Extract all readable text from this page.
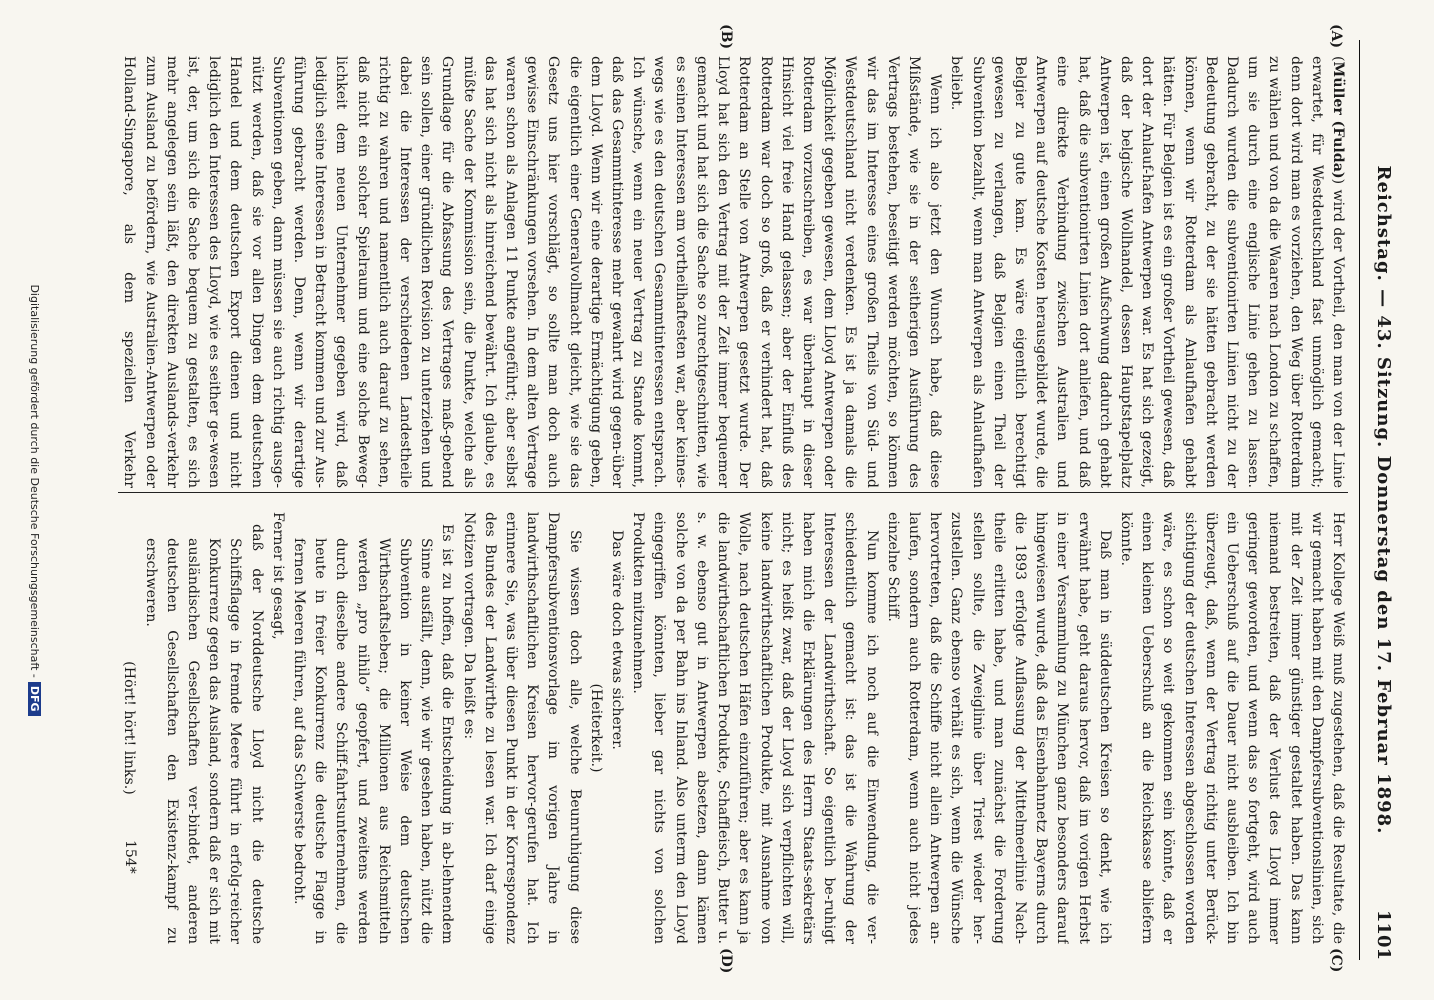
Reichstag. — 43. Sitzung. Donnerstag den 17. Februar 1898.
1101
(A)
(B)
(C)
(D)

(Müller (Fulda)) wird der Vortheil, den man von der Linie erwartet, für Westdeutschland fast unmöglich gemacht; denn dort wird man es vorziehen, den Weg über Rotterdam zu wählen und von da die Waaren nach London zu schaffen, um sie durch eine englische Linie gehen zu lassen. Dadurch wurden die subventionirten Linien nicht zu der Bedeutung gebracht, zu der sie hätten gebracht werden können, wenn wir Rotterdam als Anlaufhafen gehabt hätten. Für Belgien ist es ein großer Vortheil gewesen, daß dort der Anlauf-hafen Antwerpen war. Es hat sich gezeigt, daß der belgische Wollhandel, dessen Hauptstapelplatz Antwerpen ist, einen großen Aufschwung dadurch gehabt hat, daß die subventionirten Linien dort anliefen, und daß eine direkte Verbindung zwischen Australien und Antwerpen auf deutsche Kosten herausgebildet wurde, die Belgier zu gute kam. Es wäre eigentlich berechtigt gewesen zu verlangen, daß Belgien einen Theil der Subvention bezahlt, wenn man Antwerpen als Anlaufhafen beliebt.

Wenn ich also jetzt den Wunsch habe, daß diese Mißstände, wie sie in der seitherigen Ausführung des Vertrags bestehen, beseitigt werden möchten, so können wir das im Interesse eines großen Theils von Süd- und Westdeutschland nicht verdenken. Es ist ja damals die Möglichkeit gegeben gewesen, dem Lloyd Antwerpen oder Rotterdam vorzuschreiben, es war überhaupt in dieser Hinsicht viel freie Hand gelassen; aber der Einfluß des Rotterdam war doch so groß, daß er verhindert hat, daß Rotterdam an Stelle von Antwerpen gesetzt wurde. Der Lloyd hat sich den Vertrag mit der Zeit immer bequemer gemacht und hat sich die Sache so zurechtgeschnitten, wie es seinen Interessen am vortheilhaftesten war, aber keines-wegs wie es den deutschen Gesammtinteressen entsprach. Ich wünsche, wenn ein neuer Vertrag zu Stande kommt, daß das Gesammtinteresse mehr gewahrt wird gegen-über dem Lloyd. Wenn wir eine derartige Ermächtigung geben, die eigentlich einer Generalvollmacht gleicht, wie sie das Gesetz uns hier vorschlägt, so sollte man doch auch gewisse Einschränkungen vorsehen. In dem alten Vertrage waren schon als Anlagen 11 Punkte angeführt; aber selbst das hat sich nicht als hinreichend bewährt. Ich glaube, es müßte Sache der Kommission sein, die Punkte, welche als Grundlage für die Abfassung des Vertrages maß-gebend sein sollen, einer gründlichen Revision zu unterziehen und dabei die Interessen der verschiedenen Landestheile richtig zu wahren und namentlich auch darauf zu sehen, daß nicht ein solcher Spielraum und eine solche Beweg-lichkeit dem neuen Unternehmer gegeben wird, daß lediglich seine Interessen in Betracht kommen und zur Aus-führung gebracht werden. Denn, wenn wir derartige Subventionen geben, dann müssen sie auch richtig ausge-nützt werden, daß sie vor allen Dingen dem deutschen Handel und dem deutschen Export dienen und nicht lediglich den Interessen des Lloyd, wie es seither ge-wesen ist, der, um sich die Sache bequem zu gestalten, es sich mehr angelegen sein läßt, den direkten Auslands-verkehr zum Ausland zu befördern, wie Australien-Antwerpen oder Holland-Singapore, als dem speziellen Verkehr

Herr Kollege Weiß muß zugestehen, daß die Resultate, die wir gemacht haben mit den Dampfersubventionslinien, sich mit der Zeit immer günstiger gestaltet haben. Das kann niemand bestreiten, daß der Verlust des Lloyd immer geringer geworden, und wenn das so fortgeht, wird auch ein Ueberschuß auf die Dauer nicht ausbleiben. Ich bin überzeugt, daß, wenn der Vertrag richtig unter Berück-sichtigung der deutschen Interessen abgeschlossen worden wäre, es schon so weit gekommen sein könnte, daß er einen kleinen Ueberschuß an die Reichskasse abliefern könnte.

Daß man in süddeutschen Kreisen so denkt, wie ich erwähnt habe, geht daraus hervor, daß im vorigen Herbst in einer Versammlung zu München ganz besonders darauf hingewiesen wurde, daß das Eisenbahnnetz Bayerns durch die 1893 erfolgte Auflassung der Mittelmeerlinie Nach-theile erlitten habe, und man zunächst die Forderung stellen sollte, die Zweiglinie über Triest wieder her-zustellen. Ganz ebenso verhält es sich, wenn die Wünsche hervortreten, daß die Schiffe nicht allein Antwerpen an-laufen, sondern auch Rotterdam, wenn auch nicht jedes einzelne Schiff.

Nun komme ich noch auf die Einwendung, die ver-schiedentlich gemacht ist: das ist die Wahrung der Interessen der Landwirthschaft. So eigentlich be-ruhigt haben mich die Erklärungen des Herrn Staats-sekretärs nicht; es heißt zwar, daß der Lloyd sich verpflichten will, keine landwirthschaftlichen Produkte, mit Ausnahme von Wolle, nach deutschen Häfen einzuführen; aber es kann ja die landwirthschaftlichen Produkte, Schaffleisch, Butter u. s. w. ebenso gut in Antwerpen absetzen, dann kämen solche von da per Bahn ins Inland. Also unterm den Lloyd eingegriffen könnten, lieber gar nichts von solchen Produkten mitzunehmen.

Das wäre doch etwas sicherer.

(Heiterkeit.)

Sie wissen doch alle, welche Beunruhigung diese Dampfersubventionsvorlage im vorigen Jahre in landwirthschaftlichen Kreisen hervor-gerufen hat. Ich erinnere Sie, was über diesen Punkt in der Korrespondenz des Bundes der Landwirthe zu lesen war. Ich darf einige Notizen vortragen. Da heißt es:

Es ist zu hoffen, daß die Entscheidung in ab-lehnendem Sinne ausfällt, denn, wie wir gesehen haben, nützt die Subvention in keiner Weise dem deutschen Wirthschaftsleben; die Millionen aus Reichsmitteln werden „pro nihilo“ geopfert, und zweitens werden durch dieselbe andere Schiff-fahrtsunternehmen, die heute in freier Konkurrenz die deutsche Flagge in fernen Meeren führen, auf das Schwerste bedroht.

Ferner ist gesagt,

daß der Norddeutsche Lloyd nicht die deutsche Schiffsflagge in fremde Meere führt in erfolg-reicher Konkurrenz gegen das Ausland, sondern daß er sich mit ausländischen Gesellschaften ver-bindet, anderen deutschen Gesellschaften den Existenz-kampf zu erschweren.

(Hört! hört! links.)

154*
Digitalisierung gefördert durch die Deutsche Forschungsgemeinschaft -DFG
